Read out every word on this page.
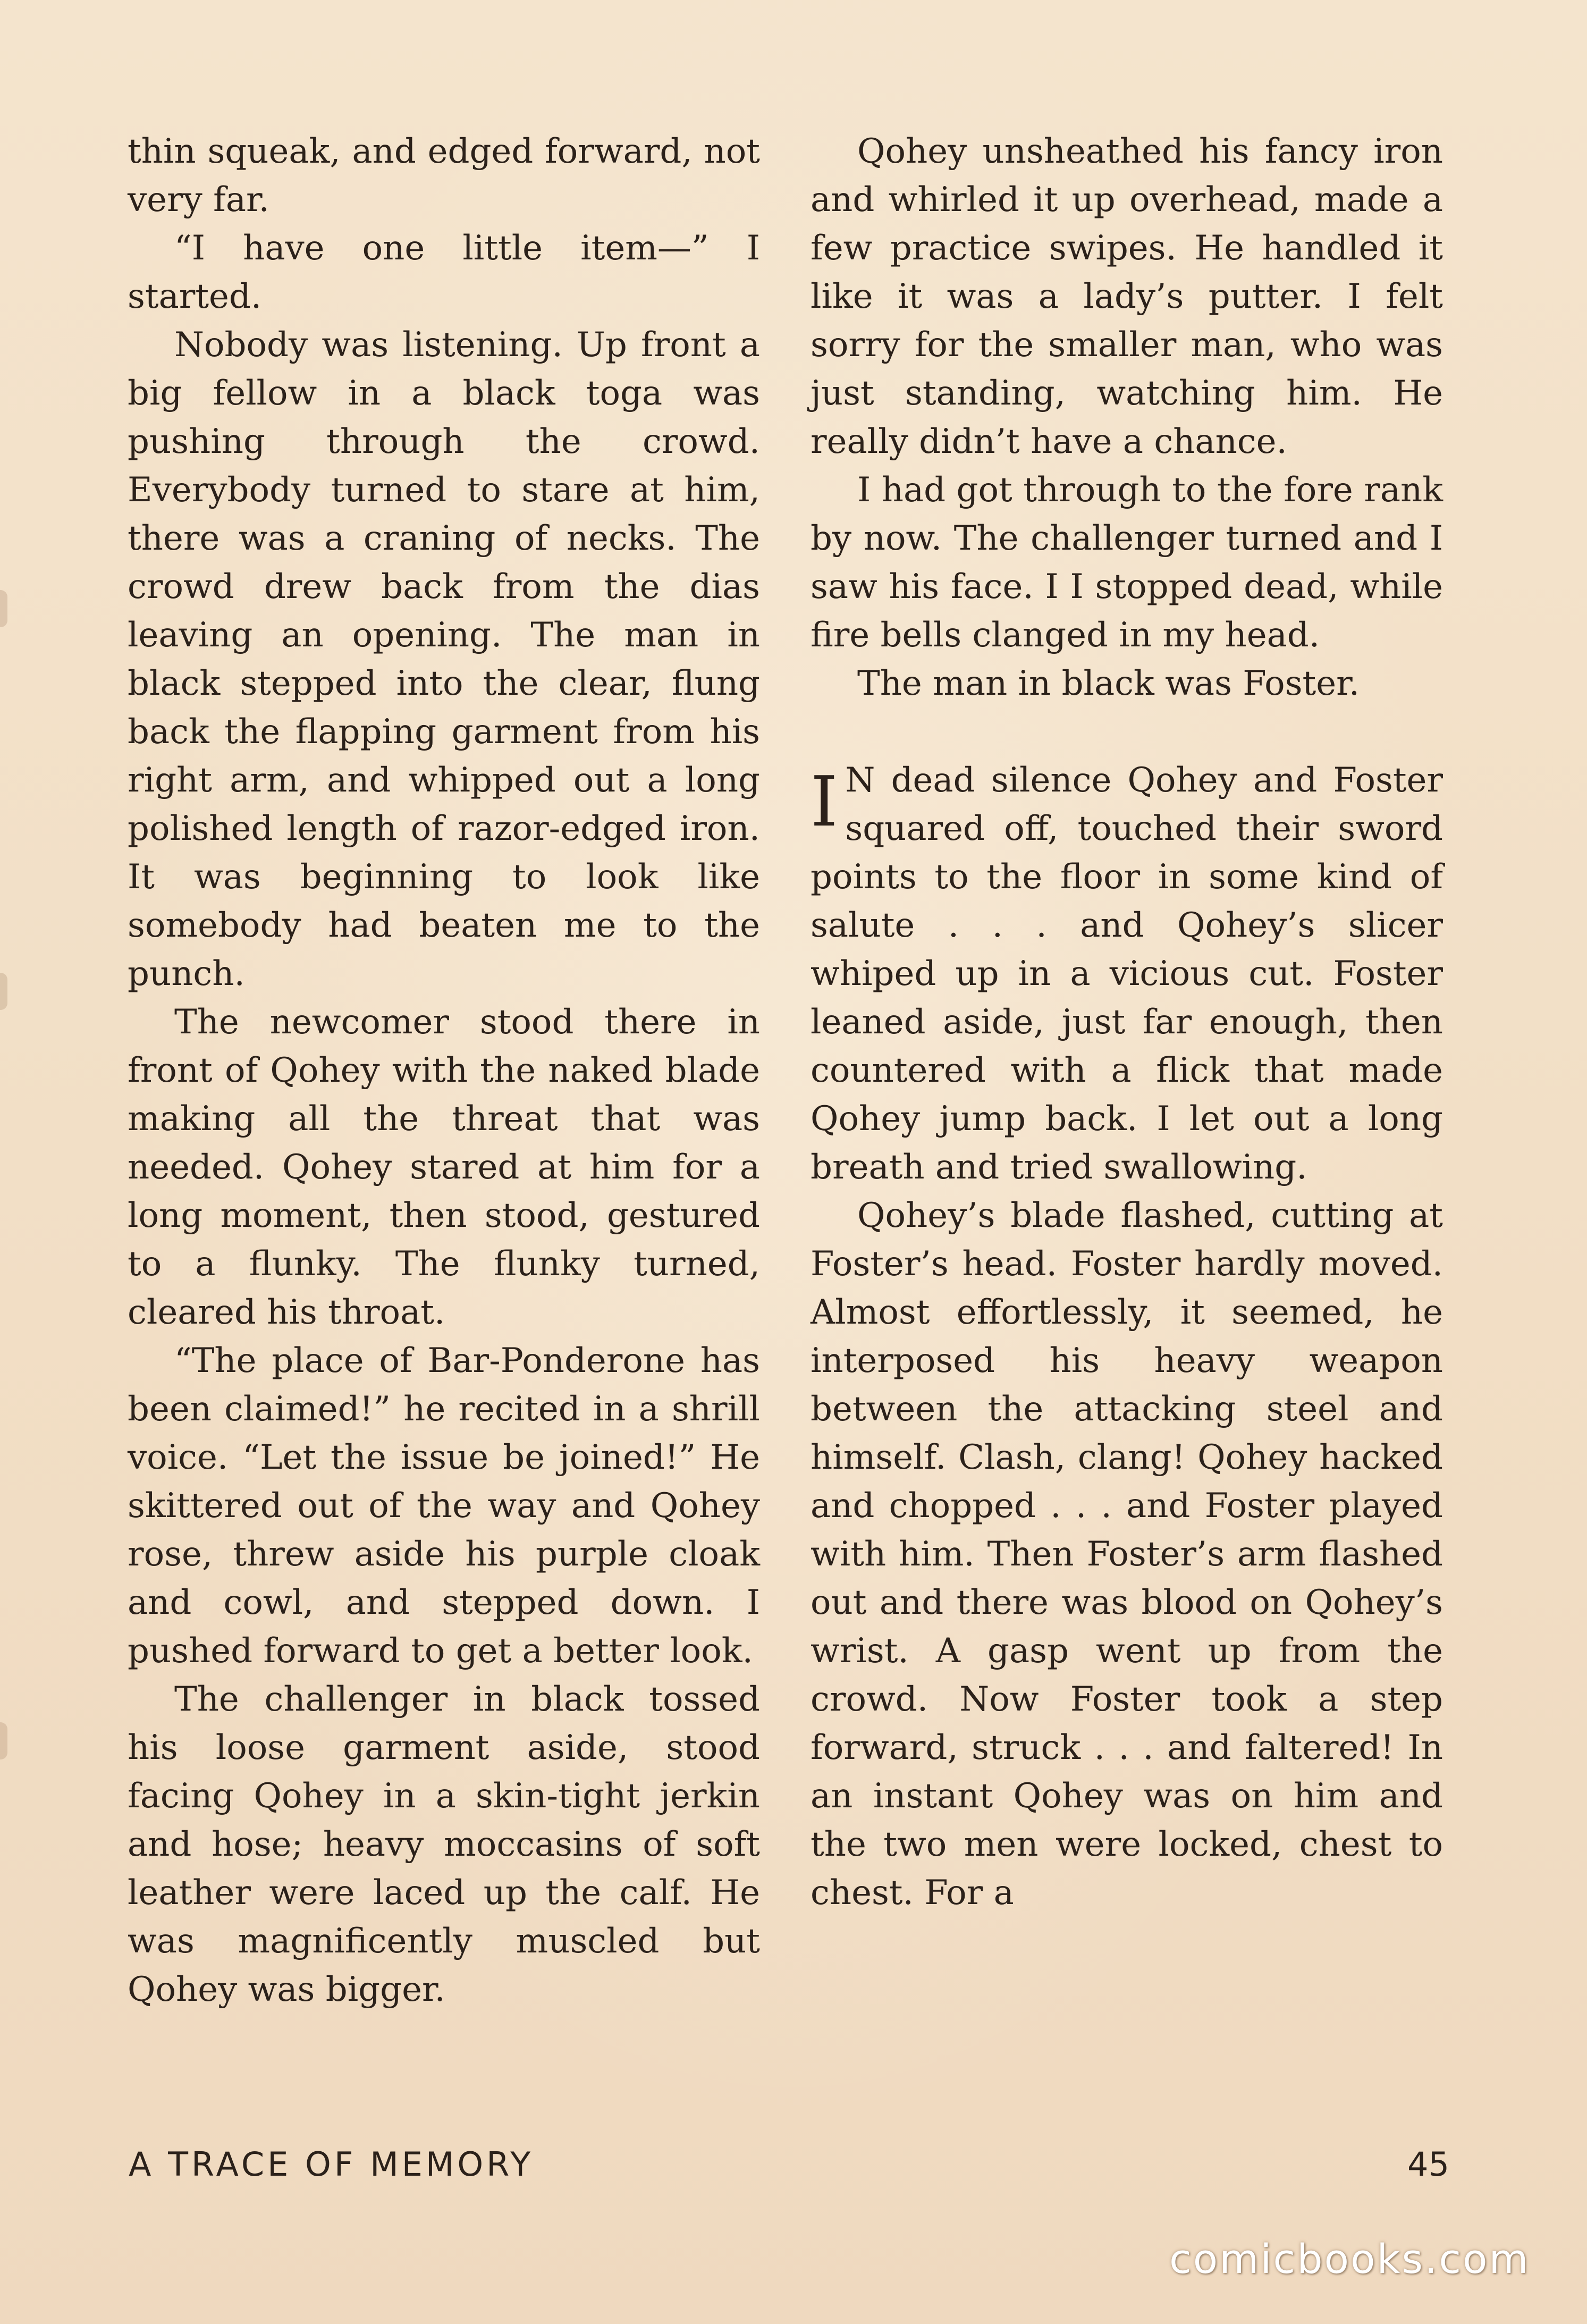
thin squeak, and edged forward, not very far.

“I have one little item—” I started.

Nobody was listening. Up front a big fellow in a black toga was pushing through the crowd. Everybody turned to stare at him, there was a craning of necks. The crowd drew back from the dias leaving an opening. The man in black stepped into the clear, flung back the flapping garment from his right arm, and whipped out a long polished length of razor-edged iron. It was beginning to look like somebody had beaten me to the punch.

The newcomer stood there in front of Qohey with the naked blade making all the threat that was needed. Qohey stared at him for a long moment, then stood, gestured to a flunky. The flunky turned, cleared his throat.

“The place of Bar-Ponderone has been claimed!” he recited in a shrill voice. “Let the issue be joined!” He skittered out of the way and Qohey rose, threw aside his purple cloak and cowl, and stepped down. I pushed forward to get a better look.

The challenger in black tossed his loose garment aside, stood facing Qohey in a skin-tight jerkin and hose; heavy moccasins of soft leather were laced up the calf. He was magnificently muscled but Qohey was bigger.

Qohey unsheathed his fancy iron and whirled it up overhead, made a few practice swipes. He handled it like it was a lady’s putter. I felt sorry for the smaller man, who was just standing, watching him. He really didn’t have a chance.

I had got through to the fore rank by now. The challenger turned and I saw his face. I I stopped dead, while fire bells clanged in my head.

The man in black was Foster.

I N dead silence Qohey and Foster squared off, touched their sword points to the floor in some kind of salute . . . and Qohey’s slicer whiped up in a vicious cut. Foster leaned aside, just far enough, then countered with a flick that made Qohey jump back. I let out a long breath and tried swallowing.

Qohey’s blade flashed, cutting at Foster’s head. Foster hardly moved. Almost effortlessly, it seemed, he interposed his heavy weapon between the attacking steel and himself. Clash, clang! Qohey hacked and chopped . . . and Foster played with him. Then Foster’s arm flashed out and there was blood on Qohey’s wrist. A gasp went up from the crowd. Now Foster took a step forward, struck . . . and faltered! In an instant Qohey was on him and the two men were locked, chest to chest. For a

A TRACE OF MEMORY	45
comicbooks.com
